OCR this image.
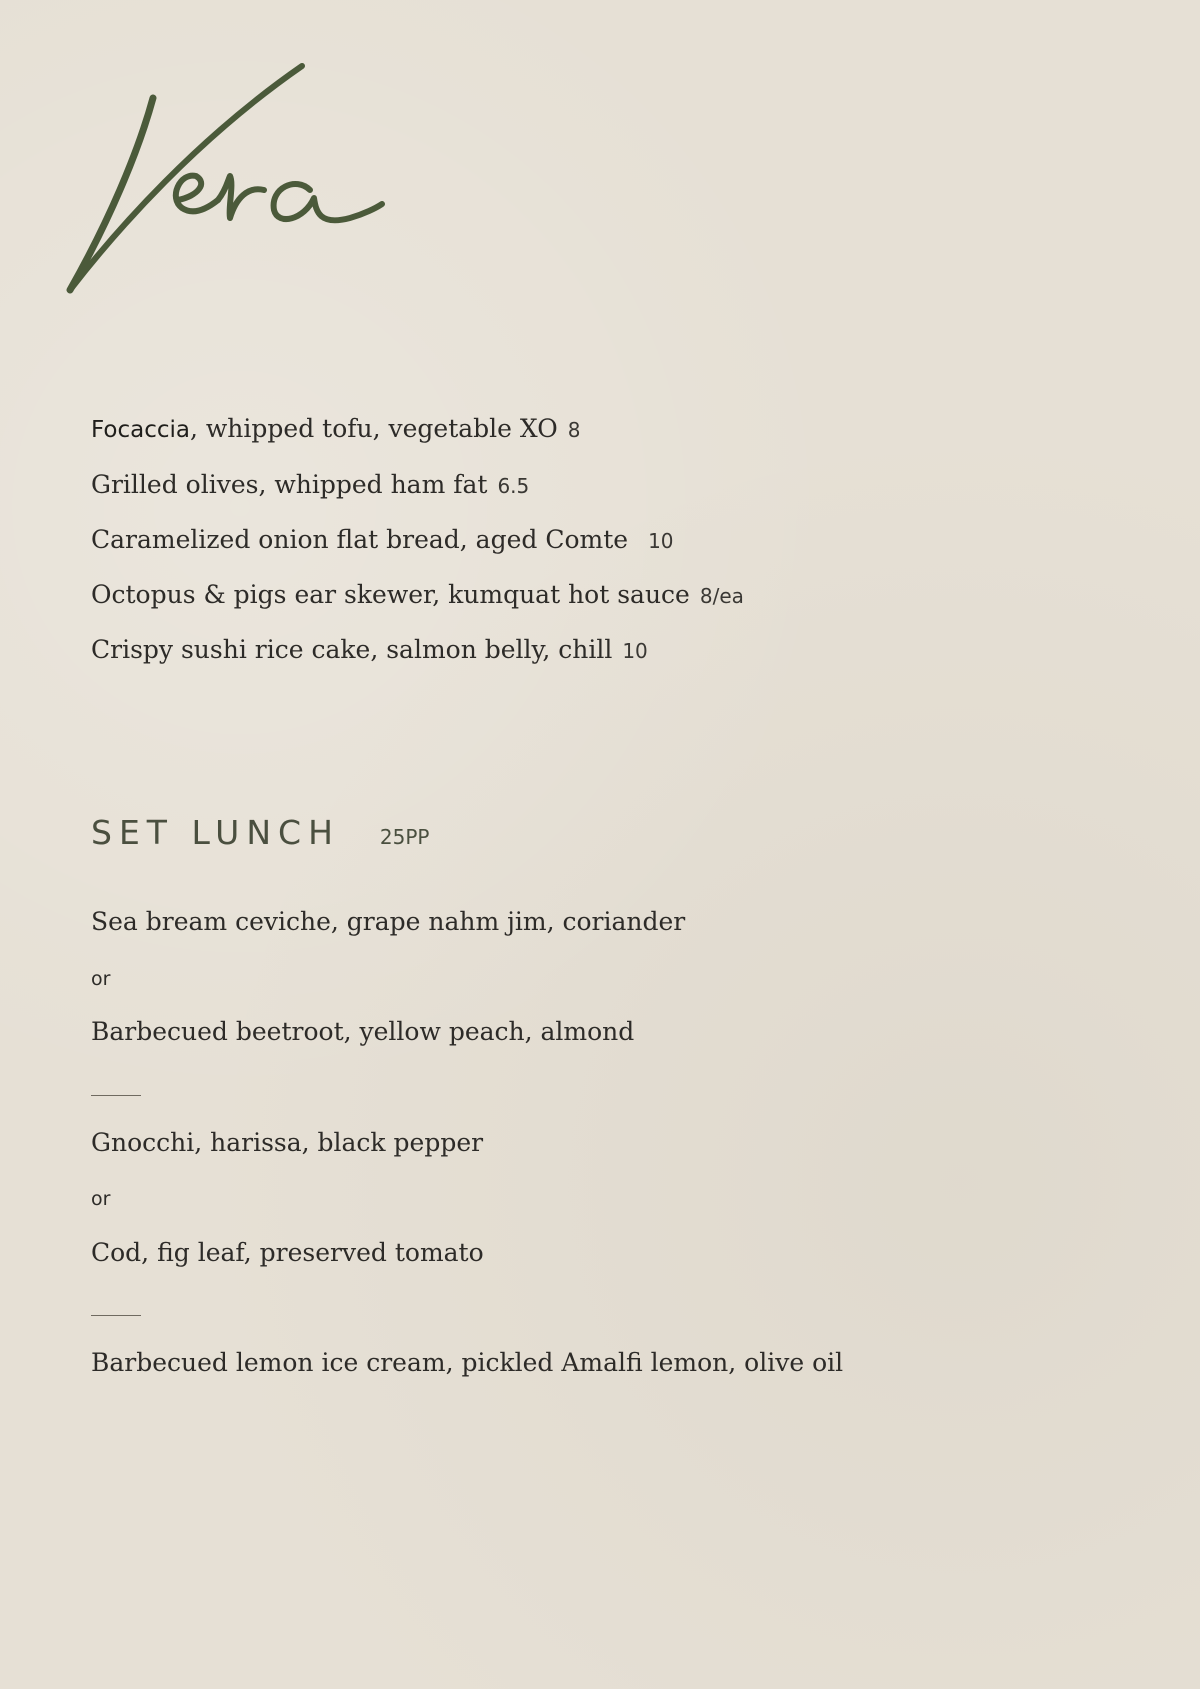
Focaccia, whipped tofu, vegetable XO 8
Grilled olives, whipped ham fat 6.5
Caramelized onion flat bread, aged Comte 10
Octopus & pigs ear skewer, kumquat hot sauce 8/ea
Crispy sushi rice cake, salmon belly, chill 10
SET LUNCH 25PP
Sea bream ceviche, grape nahm jim, coriander
or
Barbecued beetroot, yellow peach, almond
Gnocchi, harissa, black pepper
or
Cod, fig leaf, preserved tomato
Barbecued lemon ice cream, pickled Amalfi lemon, olive oil
